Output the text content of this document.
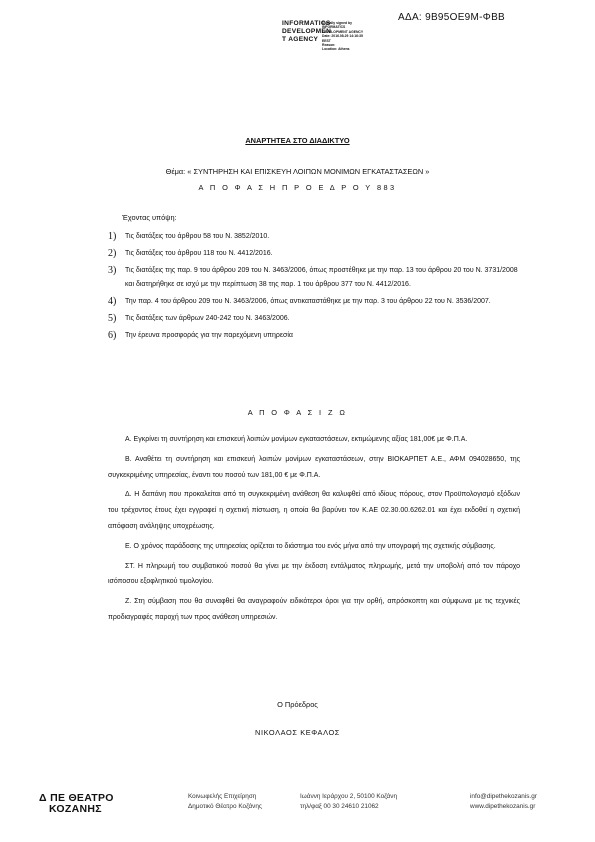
ΑΔΑ: 9Β95ΟΕ9Μ-ΦΒΒ
INFORMATICS DEVELOPMEN T AGENCY
Digitally signed by
INFORMATICS
DEVELOPMENT AGENCY
Date: 2016.08.29 14:16:35
EEST
Reason:
Location: Athens
ΑΝΑΡΤΗΤΕΑ ΣΤΟ ΔΙΑΔΙΚΤΥΟ
Θέμα: « ΣΥΝΤΗΡΗΣΗ ΚΑΙ ΕΠΙΣΚΕΥΗ ΛΟΙΠΩΝ ΜΟΝΙΜΩΝ ΕΓΚΑΤΑΣΤΑΣΕΩΝ »
Α Π Ο Φ Α Σ Η Π Ρ Ο Ε Δ Ρ Ο Υ 883
Έχοντας υπόψη:
1) Τις διατάξεις του άρθρου 58 του Ν. 3852/2010.
2) Τις διατάξεις του άρθρου 118 του Ν. 4412/2016.
3) Τις διατάξεις της παρ. 9 του άρθρου 209 του Ν. 3463/2006, όπως προστέθηκε με την παρ. 13 του άρθρου 20 του Ν. 3731/2008 και διατηρήθηκε σε ισχύ με την περίπτωση 38 της παρ. 1 του άρθρου 377 του Ν. 4412/2016.
4) Την παρ. 4 του άρθρου 209 του Ν. 3463/2006, όπως αντικαταστάθηκε με την παρ. 3 του άρθρου 22 του Ν. 3536/2007.
5) Τις διατάξεις των άρθρων 240-242 του Ν. 3463/2006.
6) Την έρευνα προσφοράς για την παρεχόμενη υπηρεσία
Α Π Ο Φ Α Σ Ι Ζ Ω

Α. Εγκρίνει τη συντήρηση και επισκευή λοιπών μονίμων εγκαταστάσεων, εκτιμώμενης αξίας 181,00€ με Φ.Π.Α.

Β. Αναθέτει τη συντήρηση και επισκευή λοιπών μονίμων εγκαταστάσεων, στην ΒΙΟΚΑΡΠΕΤ Α.Ε., ΑΦΜ 094028650, της συγκεκριμένης υπηρεσίας, έναντι του ποσού των 181,00 € με Φ.Π.Α.

Δ. Η δαπάνη που προκαλείται από τη συγκεκριμένη ανάθεση θα καλυφθεί από ιδίους πόρους, στον Προϋπολογισμό εξόδων του τρέχοντος έτους έχει εγγραφεί η σχετική πίστωση, η οποία θα βαρύνει τον Κ.ΑΕ 02.30.00.6262.01 και έχει εκδοθεί η σχετική απόφαση ανάληψης υποχρέωσης.

Ε. Ο χρόνος παράδοσης της υπηρεσίας ορίζεται το διάστημα του ενός μήνα από την υπογραφή της σχετικής σύμβασης.

ΣΤ. Η πληρωμή του συμβατικού ποσού θα γίνει με την έκδοση εντάλματος πληρωμής, μετά την υποβολή από τον πάροχο ισόποσου εξοφλητικού τιμολογίου.

Ζ. Στη σύμβαση που θα συναφθεί θα αναγραφούν ειδικότεροι όροι για την ορθή, απρόσκοπτη και σύμφωνα με τις τεχνικές προδιαγραφές παροχή των προς ανάθεση υπηρεσιών.

Ο Πρόεδρος
ΝΙΚΟΛΑΟΣ ΚΕΦΑΛΟΣ
Δ ΠΕ ΘΕΑΤΡΟ
ΚΟΖΑΝΗΣ
Κοινωφελής Επιχείρηση
Δημοτικό Θέατρο Κοζάνης
Ιωάννη Ιεράρχου 2, 50100 Κοζάνη
τηλ/φαξ 00 30 24610 21062
info@dipethekozanis.gr
www.dipethekozanis.gr
